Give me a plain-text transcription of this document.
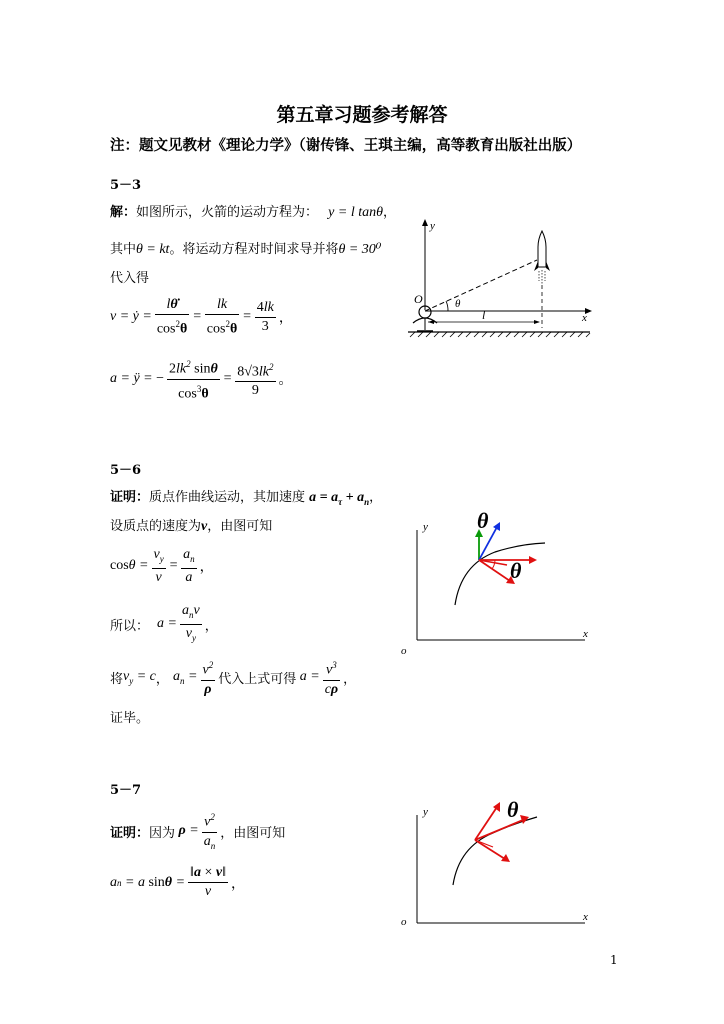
第五章习题参考解答
注：题文见教材《理论力学》（谢传锋、王琪主编，高等教育出版社出版）
5－3
解：如图所示，火箭的运动方程为： y = l tanθ，
其中θ = kt。将运动方程对时间求导并将θ = 30⁰
代入得
v = ẏ = $\frac{l\thetȧ}{\cos^2\theta} = \frac{lk}{\cos^2\theta} = \frac{4lk}{3}$ ，
a = ÿ = − $\frac{2lk^2 \sin\theta}{\cos^3\theta} = \frac{8√3lk^2}{9}$ 。
y
x
O	θ
l
5－6
证明：质点作曲线运动，其加速度 $a = a_\tau + a_n$，
设质点的速度为v，由图可知
$\cos \theta = \frac{v_y}{v} = \frac{a_n}{a}$ ，
所以： $a = \frac{a_nv}{v_y}$ ，
将 $v_y = c$ ， $a_n = \frac{v^2}{\rho}$ 代入上式可得 $a = \frac{v^3}{c\rho}$ ，
证毕。
y
x
o
θ
θ
5－7
证明： 因为 $\rho = \frac{v^2}{a_n}$ ，由图可知
a n = a $\sin \theta = \frac{‖a \times v‖}{v}$ ，
y
x
o
θ
1
